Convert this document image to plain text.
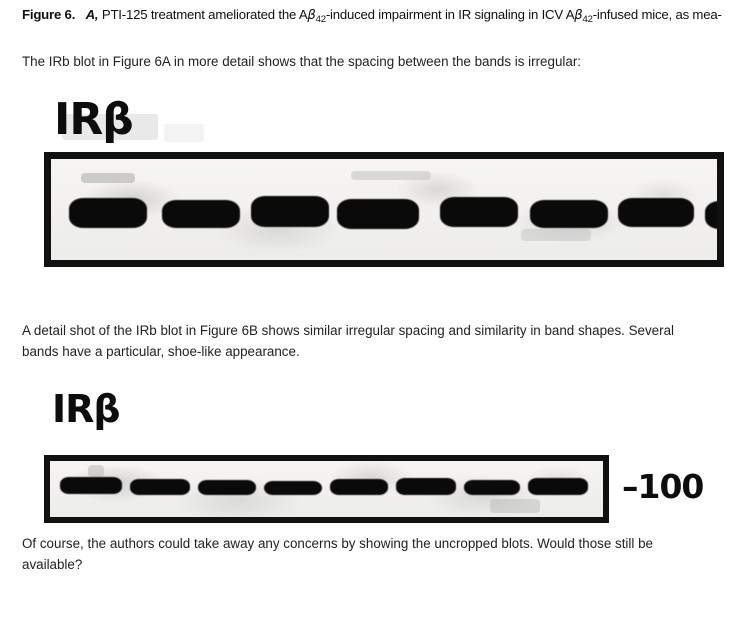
Figure 6. A, PTI-125 treatment ameliorated the $A\beta_{42}$-induced impairment in IR signaling in ICV $A\beta_{42}$-infused mice, as mea-

The IRb blot in Figure 6A in more detail shows that the spacing between the bands is irregular:
IRβ
A detail shot of the IRb blot in Figure 6B shows similar irregular spacing and similarity in band shapes. Several bands have a particular, shoe-like appearance.
IRβ
–100
Of course, the authors could take away any concerns by showing the uncropped blots. Would those still be available?
